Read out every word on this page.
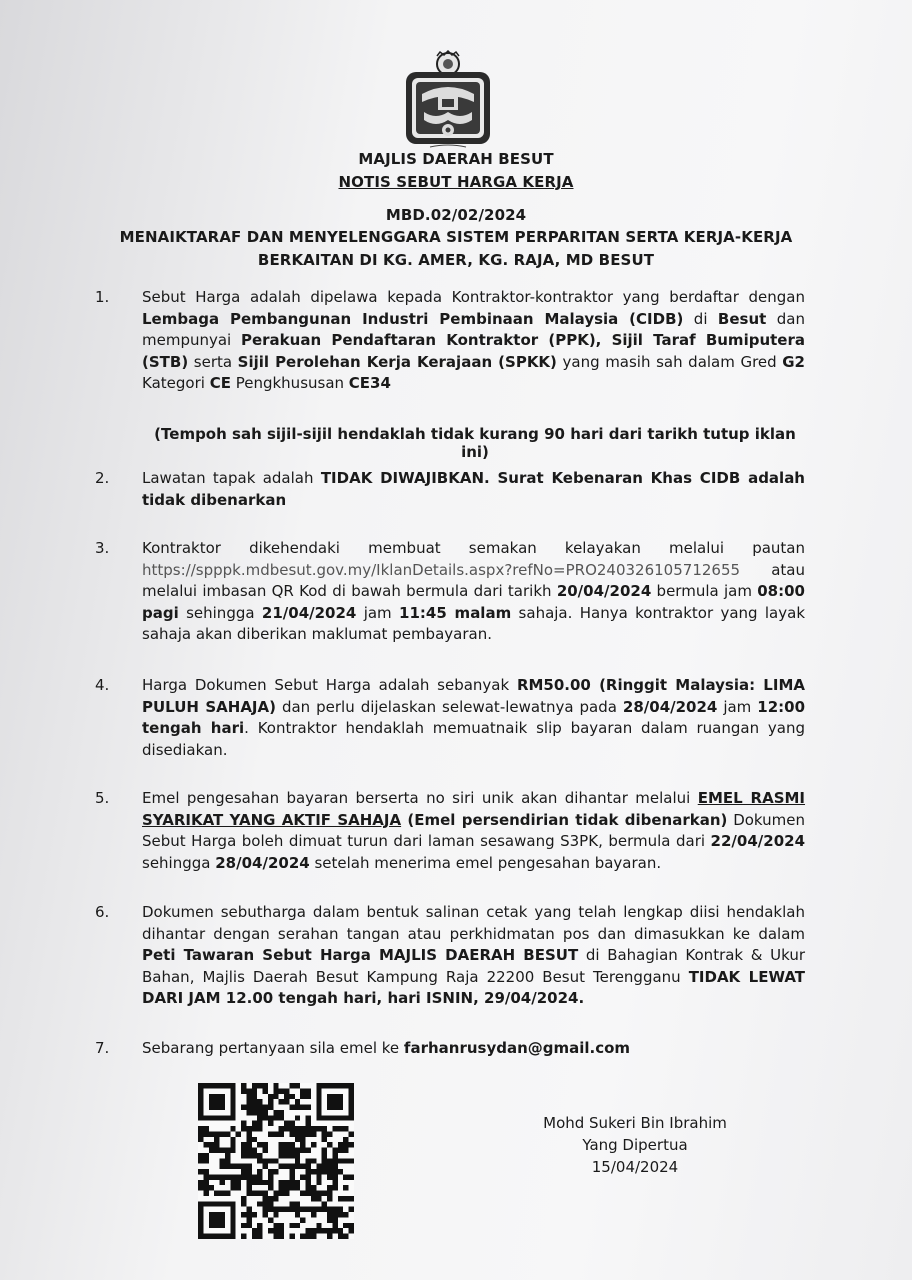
MAJLIS DAERAH BESUT
NOTIS SEBUT HARGA KERJA
MBD.02/02/2024
MENAIKTARAF DAN MENYELENGGARA SISTEM PERPARITAN SERTA KERJA-KERJA
BERKAITAN DI KG. AMER, KG. RAJA, MD BESUT
1.	Sebut Harga adalah dipelawa kepada Kontraktor-kontraktor yang berdaftar dengan Lembaga Pembangunan Industri Pembinaan Malaysia (CIDB) di Besut dan mempunyai Perakuan Pendaftaran Kontraktor (PPK), Sijil Taraf Bumiputera (STB) serta Sijil Perolehan Kerja Kerajaan (SPKK) yang masih sah dalam Gred G2 Kategori CE Pengkhususan CE34
(Tempoh sah sijil-sijil hendaklah tidak kurang 90 hari dari tarikh tutup iklan ini)
2.	Lawatan tapak adalah TIDAK DIWAJIBKAN. Surat Kebenaran Khas CIDB adalah tidak dibenarkan
3.	Kontraktor dikehendaki membuat semakan kelayakan melalui pautan https://spppk.mdbesut.gov.my/IklanDetails.aspx?refNo=PRO240326105712655 atau melalui imbasan QR Kod di bawah bermula dari tarikh 20/04/2024 bermula jam 08:00 pagi sehingga 21/04/2024 jam 11:45 malam sahaja. Hanya kontraktor yang layak sahaja akan diberikan maklumat pembayaran.
4.	Harga Dokumen Sebut Harga adalah sebanyak RM50.00 (Ringgit Malaysia: LIMA PULUH SAHAJA) dan perlu dijelaskan selewat-lewatnya pada 28/04/2024 jam 12:00 tengah hari. Kontraktor hendaklah memuatnaik slip bayaran dalam ruangan yang disediakan.
5.	Emel pengesahan bayaran berserta no siri unik akan dihantar melalui EMEL RASMI SYARIKAT YANG AKTIF SAHAJA (Emel persendirian tidak dibenarkan) Dokumen Sebut Harga boleh dimuat turun dari laman sesawang S3PK, bermula dari 22/04/2024 sehingga 28/04/2024 setelah menerima emel pengesahan bayaran.
6.	Dokumen sebutharga dalam bentuk salinan cetak yang telah lengkap diisi hendaklah dihantar dengan serahan tangan atau perkhidmatan pos dan dimasukkan ke dalam Peti Tawaran Sebut Harga MAJLIS DAERAH BESUT di Bahagian Kontrak & Ukur Bahan, Majlis Daerah Besut Kampung Raja 22200 Besut Terengganu TIDAK LEWAT DARI JAM 12.00 tengah hari, hari ISNIN, 29/04/2024.
7.	Sebarang pertanyaan sila emel ke farhanrusydan@gmail.com
Mohd Sukeri Bin Ibrahim
Yang Dipertua
15/04/2024
